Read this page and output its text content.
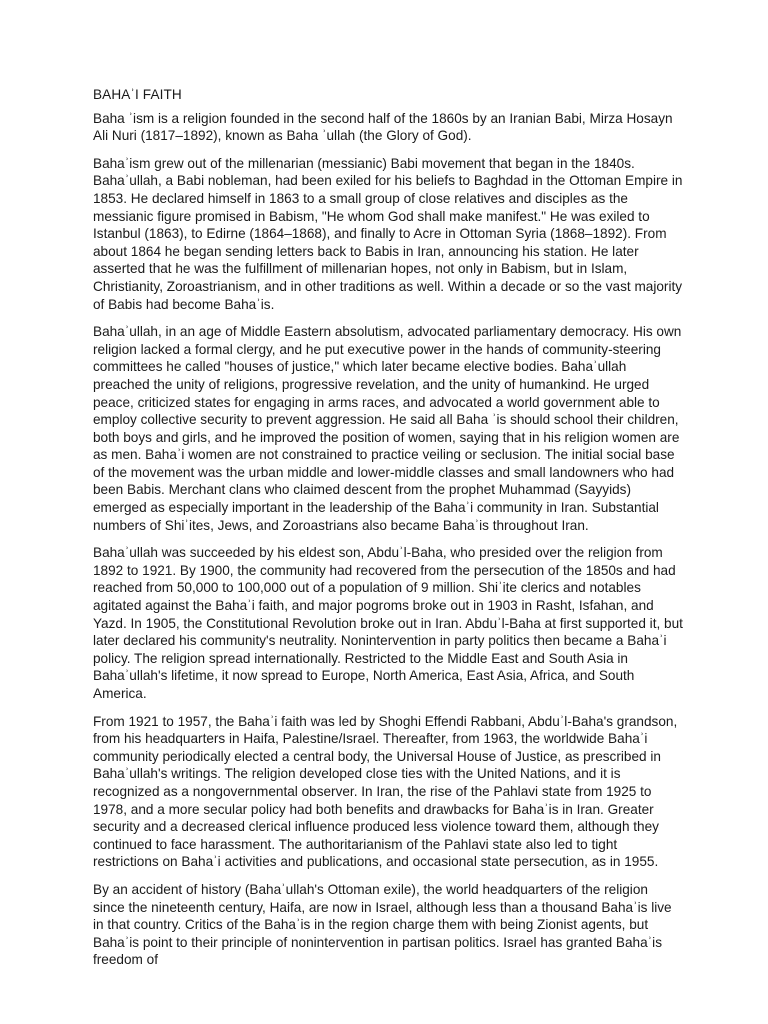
BAHAʾI FAITH

Baha ʾism is a religion founded in the second half of the 1860s by an Iranian Babi, Mirza Hosayn Ali Nuri (1817–1892), known as Baha ʾullah (the Glory of God).

Bahaʾism grew out of the millenarian (messianic) Babi movement that began in the 1840s. Bahaʾullah, a Babi nobleman, had been exiled for his beliefs to Baghdad in the Ottoman Empire in 1853. He declared himself in 1863 to a small group of close relatives and disciples as the messianic figure promised in Babism, "He whom God shall make manifest." He was exiled to Istanbul (1863), to Edirne (1864–1868), and finally to Acre in Ottoman Syria (1868–1892). From about 1864 he began sending letters back to Babis in Iran, announcing his station. He later asserted that he was the fulfillment of millenarian hopes, not only in Babism, but in Islam, Christianity, Zoroastrianism, and in other traditions as well. Within a decade or so the vast majority of Babis had become Bahaʾis.

Bahaʾullah, in an age of Middle Eastern absolutism, advocated parliamentary democracy. His own religion lacked a formal clergy, and he put executive power in the hands of community-steering committees he called "houses of justice," which later became elective bodies. Bahaʾullah preached the unity of religions, progressive revelation, and the unity of humankind. He urged peace, criticized states for engaging in arms races, and advocated a world government able to employ collective security to prevent aggression. He said all Baha ʾis should school their children, both boys and girls, and he improved the position of women, saying that in his religion women are as men. Bahaʾi women are not constrained to practice veiling or seclusion. The initial social base of the movement was the urban middle and lower-middle classes and small landowners who had been Babis. Merchant clans who claimed descent from the prophet Muhammad (Sayyids) emerged as especially important in the leadership of the Bahaʾi community in Iran. Substantial numbers of Shiʾites, Jews, and Zoroastrians also became Bahaʾis throughout Iran.

Bahaʾullah was succeeded by his eldest son, Abduʾl-Baha, who presided over the religion from 1892 to 1921. By 1900, the community had recovered from the persecution of the 1850s and had reached from 50,000 to 100,000 out of a population of 9 million. Shiʾite clerics and notables agitated against the Bahaʾi faith, and major pogroms broke out in 1903 in Rasht, Isfahan, and Yazd. In 1905, the Constitutional Revolution broke out in Iran. Abduʾl-Baha at first supported it, but later declared his community's neutrality. Nonintervention in party politics then became a Bahaʾi policy. The religion spread internationally. Restricted to the Middle East and South Asia in Bahaʾullah's lifetime, it now spread to Europe, North America, East Asia, Africa, and South America.

From 1921 to 1957, the Bahaʾi faith was led by Shoghi Effendi Rabbani, Abduʾl-Baha's grandson, from his headquarters in Haifa, Palestine/Israel. Thereafter, from 1963, the worldwide Bahaʾi community periodically elected a central body, the Universal House of Justice, as prescribed in Bahaʾullah's writings. The religion developed close ties with the United Nations, and it is recognized as a nongovernmental observer. In Iran, the rise of the Pahlavi state from 1925 to 1978, and a more secular policy had both benefits and drawbacks for Bahaʾis in Iran. Greater security and a decreased clerical influence produced less violence toward them, although they continued to face harassment. The authoritarianism of the Pahlavi state also led to tight restrictions on Bahaʾi activities and publications, and occasional state persecution, as in 1955.

By an accident of history (Bahaʾullah's Ottoman exile), the world headquarters of the religion since the nineteenth century, Haifa, are now in Israel, although less than a thousand Bahaʾis live in that country. Critics of the Bahaʾis in the region charge them with being Zionist agents, but Bahaʾis point to their principle of nonintervention in partisan politics. Israel has granted Bahaʾis freedom of
